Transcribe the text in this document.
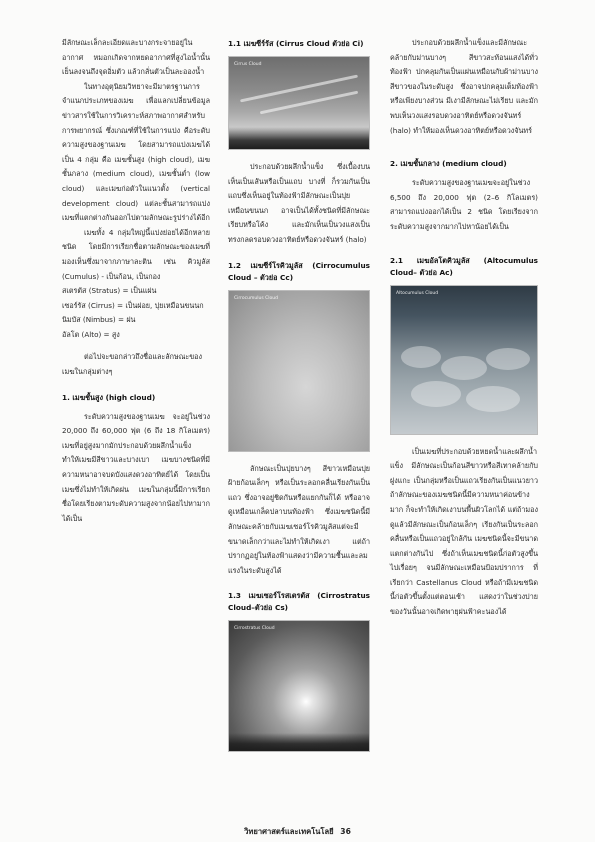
มีลักษณะเล็กละเอียดและบางกระจายอยู่ในอากาศ หมอกเกิดจากหยดอากาศที่สูงไอน้ำนั้นเย็นลงจนถึงจุดอิ่มตัว แล้วกลั่นตัวเป็นละอองน้ำ

ในทางอุตุนิยมวิทยาจะมีมาตรฐานการจำแนกประเภทของเมฆ เพื่อแลกเปลี่ยนข้อมูลข่าวสารใช้ในการวิเคราะห์สภาพอากาศสำหรับการพยากรณ์ ซึ่งเกณฑ์ที่ใช้ในการแบ่ง คือระดับความสูงของฐานเมฆ โดยสามารถแบ่งเมฆได้เป็น 4 กลุ่ม คือ เมฆชั้นสูง (high cloud), เมฆชั้นกลาง (medium cloud), เมฆชั้นต่ำ (low cloud) และเมฆก่อตัวในแนวตั้ง (vertical development cloud) แต่ละชั้นสามารถแบ่งเมฆที่แตกต่างกันออกไปตามลักษณะรูปร่างได้อีก

เมฆทั้ง 4 กลุ่มใหญ่นี้แบ่งย่อยได้อีกหลายชนิด โดยมีการเรียกชื่อตามลักษณะของเมฆที่มองเห็นซึ่งมาจากภาษาละติน เช่น คิวมูลัส (Cumulus) - เป็นก้อน, เป็นกอง

สเตรตัส (Stratus) = เป็นแผ่น

เซอร์รัส (Cirrus) = เป็นฝอย, ปุยเหมือนขนนก

นิมบัส (Nimbus) = ฝน

อัลโต (Alto) = สูง

ต่อไปจะขอกล่าวถึงชื่อและลักษณะของเมฆในกลุ่มต่างๆ

1. เมฆชั้นสูง (high cloud)

ระดับความสูงของฐานเมฆ จะอยู่ในช่วง 20,000 ถึง 60,000 ฟุต (6 ถึง 18 กิโลเมตร) เมฆที่อยู่สูงมากมักประกอบด้วยผลึกน้ำแข็ง ทำให้เมฆมีสีขาวและบางเบา เมฆบางชนิดที่มีความหนาอาจบดบังแสงดวงอาทิตย์ได้ โดยเป็นเมฆซึ่งไม่ทำให้เกิดฝน เมฆในกลุ่มนี้มีการเรียกชื่อโดยเรียงตามระดับความสูงจากน้อยไปหามากได้เป็น

1.1 เมฆซีร์รัส (Cirrus Cloud ตัวย่อ Ci)

Cirrus Cloud

ประกอบด้วยผลึกน้ำแข็ง ซึ่งเบื้องบนเห็นเป็นเส้นหรือเป็นแถบ บางที่ ก็รวมกันเป็นแถบซึ่งเห็นอยู่ในท้องฟ้ามีลักษณะเป็นปุยเหมือนขนนก อาจเป็นได้ทั้งชนิดที่มีลักษณะเรียบหรือโค้ง และมักเห็นเป็นวงแสงเป็นทรงกลดรอบดวงอาทิตย์หรือดวงจันทร์ (halo)

1.2 เมฆซีร์โรคิวมูลัส (Cirrocumulus Cloud – ตัวย่อ Cc)

Cirrocumulus Cloud

ลักษณะเป็นปุยบางๆ สีขาวเหมือนปุยฝ้ายก้อนเล็กๆ หรือเป็นระลอกคลื่นเรียงกันเป็นแถว ซึ่งอาจอยู่ชิดกันหรือแยกกันก็ได้ หรืออาจดูเหมือนเกล็ดปลาบนท้องฟ้า ซึ่งเมฆชนิดนี้มีลักษณะคล้ายกับเมฆเซอร์โรคิวมูลัสแต่จะมีขนาดเล็กกว่าและไม่ทำให้เกิดเงา แต่ถ้าปรากฏอยู่ในท้องฟ้าแสดงว่ามีความชื้นและลมแรงในระดับสูงได้

1.3 เมฆเซอร์โรสเตรตัส (Cirrostratus Cloud–ตัวย่อ Cs)

Cirrostratus Cloud

ประกอบด้วยผลึกน้ำแข็งและมีลักษณะคล้ายกับม่านบางๆ สีขาวสะท้อนแสงได้ทั่วท้องฟ้า ปกคลุมกันเป็นแผ่นเหมือนกับผ้าม่านบางสีขาวของในระดับสูง ซึ่งอาจปกคลุมเต็มท้องฟ้าหรือเพียงบางส่วน มีเงามีลักษณะไม่เรียบ และมักพบเห็นวงแสงรอบดวงอาทิตย์หรือดวงจันทร์ (halo) ทำให้มองเห็นดวงอาทิตย์หรือดวงจันทร์

2. เมฆชั้นกลาง (medium cloud)

ระดับความสูงของฐานเมฆจะอยู่ในช่วง 6,500 ถึง 20,000 ฟุต (2–6 กิโลเมตร) สามารถแบ่งออกได้เป็น 2 ชนิด โดยเรียงจากระดับความสูงจากมากไปหาน้อยได้เป็น

2.1 เมฆอัลโตคิวมูลัส (Altocumulus Cloud– ตัวย่อ Ac)

Altocumulus Cloud

เป็นเมฆที่ประกอบด้วยหยดน้ำและผลึกน้ำแข็ง มีลักษณะเป็นก้อนสีขาวหรือสีเทาคล้ายกับฝูงแกะ เป็นกลุ่มหรือเป็นแถวเรียงกันเป็นแนวยาว ถ้าลักษณะของเมฆชนิดนี้มีความหนาค่อนข้างมาก ก็จะทำให้เกิดเงาบนพื้นผิวโลกได้ แต่ถ้ามองดูแล้วมีลักษณะเป็นก้อนเล็กๆ เรียงกันเป็นระลอกคลื่นหรือเป็นแถวอยู่ใกล้กัน เมฆชนิดนี้จะมีขนาดแตกต่างกันไป ซึ่งถ้าเห็นเมฆชนิดนี้ก่อตัวสูงขึ้นไปเรื่อยๆ จนมีลักษณะเหมือนป้อมปราการ ที่เรียกว่า Castellanus Cloud หรือถ้ามีเมฆชนิดนี้ก่อตัวขึ้นตั้งแต่ตอนเช้า แสดงว่าในช่วงบ่ายของวันนั้นอาจเกิดพายุฝนฟ้าคะนองได้

วิทยาศาสตร์และเทคโนโลยี 36
